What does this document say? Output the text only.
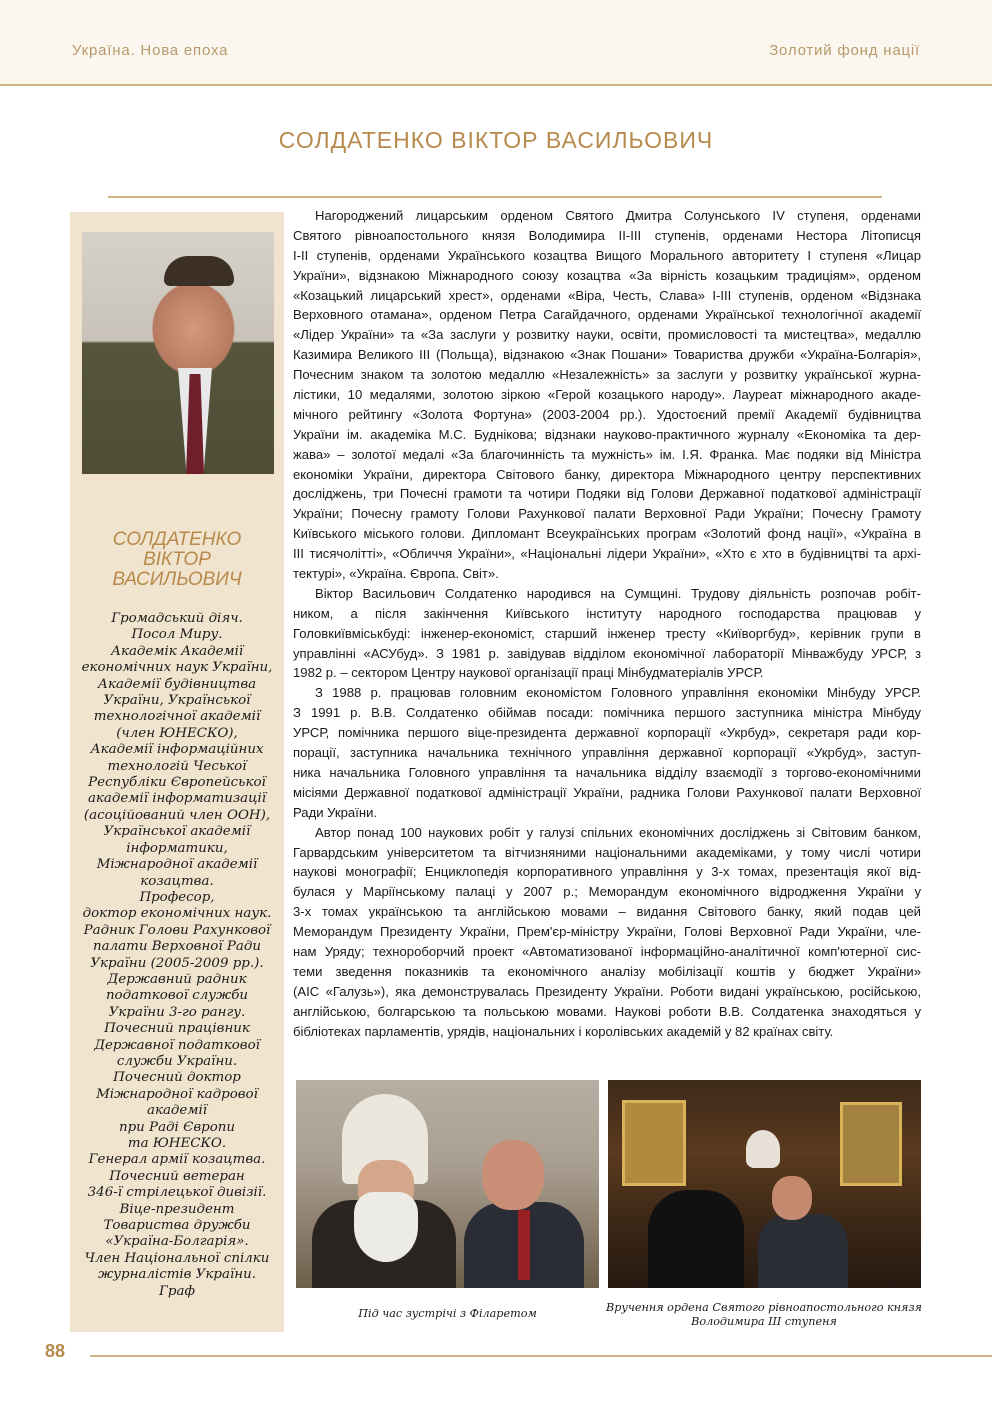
Україна. Нова епоха	Золотий фонд нації
СОЛДАТЕНКО ВІКТОР ВАСИЛЬОВИЧ
СОЛДАТЕНКО
ВІКТОР
ВАСИЛЬОВИЧ
Громадський діяч.
Посол Миру.
Академік Академії
економічних наук України,
Академії будівництва
України, Української
технологічної академії
(член ЮНЕСКО),
Академії інформаційних
технологій Чеської
Республіки Європейської
академії інформатизації
(асоційований член ООН),
Української академії
інформатики,
Міжнародної академії
козацтва.
Професор,
доктор економічних наук.
Радник Голови Рахункової
палати Верховної Ради
України (2005-2009 рр.).
Державний радник
податкової служби
України 3-го рангу.
Почесний працівник
Державної податкової
служби України.
Почесний доктор
Міжнародної кадрової
академії
при Раді Європи
та ЮНЕСКО.
Генерал армії козацтва.
Почесний ветеран
346-ї стрілецької дивізії.
Віце-президент
Товариства дружби
«Україна-Болгарія».
Член Національної спілки
журналістів України.
Граф
Нагороджений лицарським орденом Святого Дмитра Солунського IV ступеня, орденами
Святого рівноапостольного князя Володимира II-III ступенів, орденами Нестора Літописця
I-II ступенів, орденами Українського козацтва Вищого Морального авторитету I ступеня «Лицар
України», відзнакою Міжнародного союзу козацтва «За вірність козацьким традиціям», орденом
«Козацький лицарський хрест», орденами «Віра, Честь, Слава» I-III ступенів, орденом «Відзнака
Верховного отамана», орденом Петра Сагайдачного, орденами Української технологічної академії
«Лідер України» та «За заслуги у розвитку науки, освіти, промисловості та мистецтва», медаллю
Казимира Великого III (Польща), відзнакою «Знак Пошани» Товариства дружби «Україна-Болгарія»,
Почесним знаком та золотою медаллю «Незалежність» за заслуги у розвитку української журна-
лістики, 10 медалями, золотою зіркою «Герой козацького народу». Лауреат міжнародного акаде-
мічного рейтингу «Золота Фортуна» (2003-2004 рр.). Удостоєний премії Академії будівництва
України ім. академіка М.С. Буднікова; відзнаки науково-практичного журналу «Економіка та дер-
жава» – золотої медалі «За благочинність та мужність» ім. І.Я. Франка. Має подяки від Міністра
економіки України, директора Світового банку, директора Міжнародного центру перспективних
досліджень, три Почесні грамоти та чотири Подяки від Голови Державної податкової адміністрації
України; Почесну грамоту Голови Рахункової палати Верховної Ради України; Почесну Грамоту
Київського міського голови. Дипломант Всеукраїнських програм «Золотий фонд нації», «Україна в
III тисячолітті», «Обличчя України», «Національні лідери України», «Хто є хто в будівництві та архі-
тектурі», «Україна. Європа. Світ».
Віктор Васильович Солдатенко народився на Сумщині. Трудову діяльність розпочав робіт-
ником, а після закінчення Київського інституту народного господарства працював у
Головкиївміськбуді: інженер-економіст, старший інженер тресту «Київоргбуд», керівник групи в
управлінні «АСУбуд». З 1981 р. завідував відділом економічної лабораторії Мінважбуду УРСР, з
1982 р. – сектором Центру наукової організації праці Мінбудматеріалів УРСР.
З 1988 р. працював головним економістом Головного управління економіки Мінбуду УРСР.
З 1991 р. В.В. Солдатенко обіймав посади: помічника першого заступника міністра Мінбуду
УРСР, помічника першого віце-президента державної корпорації «Укрбуд», секретаря ради кор-
порації, заступника начальника технічного управління державної корпорації «Укрбуд», заступ-
ника начальника Головного управління та начальника відділу взаємодії з торгово-економічними
місіями Державної податкової адміністрації України, радника Голови Рахункової палати Верховної
Ради України.
Автор понад 100 наукових робіт у галузі спільних економічних досліджень зі Світовим банком,
Гарвардським університетом та вітчизняними національними академіками, у тому числі чотири
наукові монографії; Енциклопедія корпоративного управління у 3-х томах, презентація якої від-
булася у Маріїнському палаці у 2007 р.; Меморандум економічного відродження України у
3-х томах українською та англійською мовами – видання Світового банку, який подав цей
Меморандум Президенту України, Прем'єр-міністру України, Голові Верховної Ради України, чле-
нам Уряду; технороборчий проект «Автоматизованої інформаційно-аналітичної комп'ютерної сис-
теми зведення показників та економічного аналізу мобілізації коштів у бюджет України»
(АІС «Галузь»), яка демонструвалась Президенту України. Роботи видані українською, російською,
англійською, болгарською та польською мовами. Наукові роботи В.В. Солдатенка знаходяться у
бібліотеках парламентів, урядів, національних і королівських академій у 82 країнах світу.
Під час зустрічі з Філаретом	Вручення ордена Святого рівноапостольного князя
Володимира III ступеня
88
